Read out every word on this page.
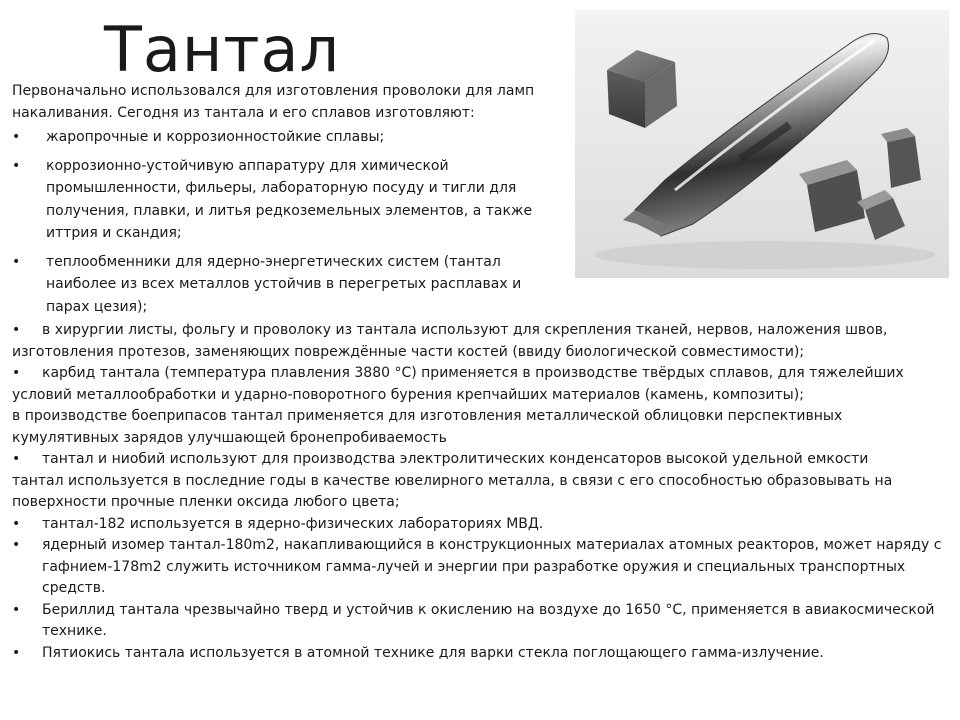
Тантал
Первоначально использовался для изготовления проволоки для ламп накаливания. Сегодня из тантала и его сплавов изготовляют:
• жаропрочные и коррозионностойкие сплавы;
• коррозионно-устойчивую аппаратуру для химической промышленности, фильеры, лабораторную посуду и тигли для получения, плавки, и литья редкоземельных элементов, а также иттрия и скандия;
• теплообменники для ядерно-энергетических систем (тантал наиболее из всех металлов устойчив в перегретых расплавах и парах цезия);

• в хирургии листы, фольгу и проволоку из тантала используют для скрепления тканей, нервов, наложения швов, изготовления протезов, заменяющих повреждённые части костей (ввиду биологической совместимости);

• карбид тантала (температура плавления 3880 °C) применяется в производстве твёрдых сплавов, для тяжелейших условий металлообработки и ударно-поворотного бурения крепчайших материалов (камень, композиты);

в производстве боеприпасов тантал применяется для изготовления металлической облицовки перспективных кумулятивных зарядов улучшающей бронепробиваемость

• тантал и ниобий используют для производства электролитических конденсаторов высокой удельной емкости

тантал используется в последние годы в качестве ювелирного металла, в связи с его способностью образовывать на поверхности прочные пленки оксида любого цвета;

•	тантал-182 используется в ядерно-физических лабораториях МВД.

•	ядерный изомер тантал-180m2, накапливающийся в конструкционных материалах атомных реакторов, может наряду с гафнием-178m2 служить источником гамма-лучей и энергии при разработке оружия и специальных транспортных средств.

•	Бериллид тантала чрезвычайно тверд и устойчив к окислению на воздухе до 1650 °C, применяется в авиакосмической технике.

•	Пятиокись тантала используется в атомной технике для варки стекла поглощающего гамма-излучение.
